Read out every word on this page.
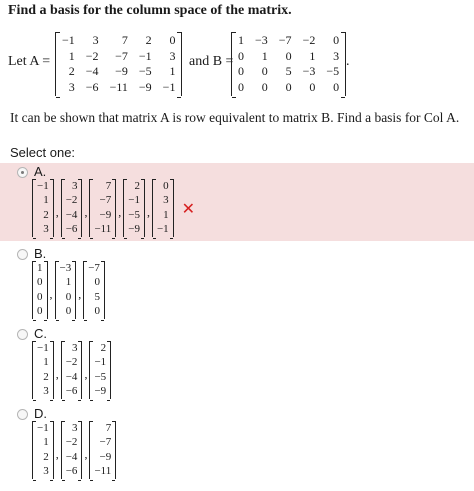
Find a basis for the column space of the matrix.
Let A =
−1	3	7	2	0
1 −2	−7 −1	3
2 −4	−9 −5	1
3 −6 −11 −9 −1
and B =
1 −3 −7 −2	0
0	1	0	1	3
0	0	5 −3 −5
0	0	0	0	0
.
It can be shown that matrix A is row equivalent to matrix B. Find a basis for Col A.
Select one:
A.
−1
1
2
3
,
3
−2
−4
−6
,
7
−7
−9
−11
,
2
−1
−5
−9
,
0
3
1
−1
✕
B.
1
0
0
0
,
−3
1
0
0
,
−7
0
5
0
C.
−1
1
2
3
,
3
−2
−4
−6
,
2
−1
−5
−9
D.
−1
1
2
3
,
3
−2
−4
−6
,
7
−7
−9
−11
